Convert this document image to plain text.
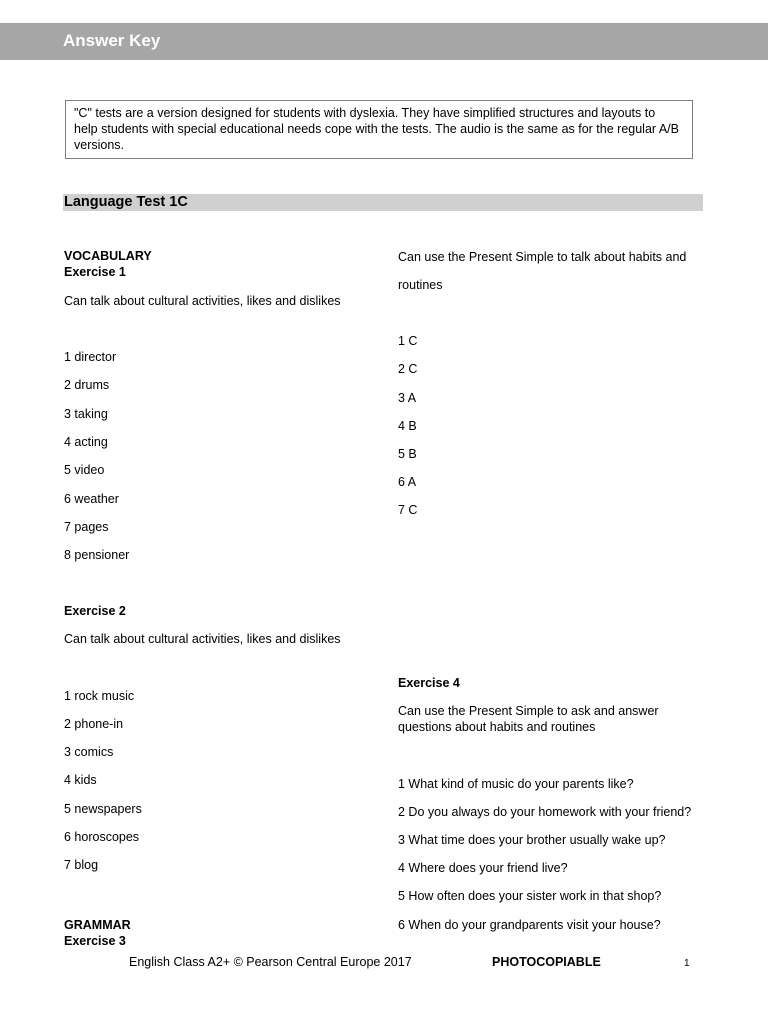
Answer Key
"C" tests are a version designed for students with dyslexia. They have simplified structures and layouts to help students with special educational needs cope with the tests. The audio is the same as for the regular A/B versions.
Language Test 1C
VOCABULARY
Exercise 1
Can talk about cultural activities, likes and dislikes
1 director
2 drums
3 taking
4 acting
5 video
6 weather
7 pages
8 pensioner
Exercise 2
Can talk about cultural activities, likes and dislikes
1 rock music
2 phone-in
3 comics
4 kids
5 newspapers
6 horoscopes
7 blog
GRAMMAR
Exercise 3
Can use the Present Simple to talk about habits and
routines
1 C
2 C
3 A
4 B
5 B
6 A
7 C
Exercise 4
Can use the Present Simple to ask and answer
questions about habits and routines
1 What kind of music do your parents like?
2 Do you always do your homework with your friend?
3 What time does your brother usually wake up?
4 Where does your friend live?
5 How often does your sister work in that shop?
6 When do your grandparents visit your house?
English Class A2+ © Pearson Central Europe 2017	PHOTOCOPIABLE	1
